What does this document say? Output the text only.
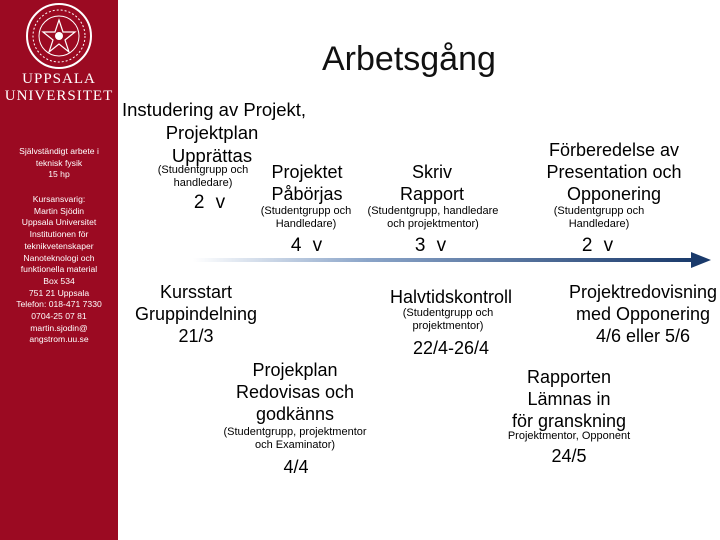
UPPSALA
UNIVERSITET
Självständigt arbete i
teknisk fysik
15 hp
Kursansvarig:
Martin Sjödin
Uppsala Universitet
Institutionen för
teknikvetenskaper
Nanoteknologi och
funktionella material
Box 534
751 21 Uppsala
Telefon: 018-471 7330
0704-25 07 81
martin.sjodin@
angstrom.uu.se
Arbetsgång
Instudering av Projekt,
Projektplan
Upprättas
(Studentgrupp och
handledare)
2 v
Projektet
Påbörjas
(Studentgrupp och
Handledare)
4 v
Skriv
Rapport
(Studentgrupp, handledare
och projektmentor)
3 v
Förberedelse av
Presentation och
Opponering
(Studentgrupp och
Handledare)
2 v
Kursstart
Gruppindelning
21/3
Halvtidskontroll
(Studentgrupp och
projektmentor)
22/4-26/4
Projektredovisning
med Opponering
4/6 eller 5/6
Projekplan
Redovisas och
godkänns
(Studentgrupp, projektmentor
och Examinator)
4/4
Rapporten
Lämnas in
för granskning
Projektmentor, Opponent
24/5
